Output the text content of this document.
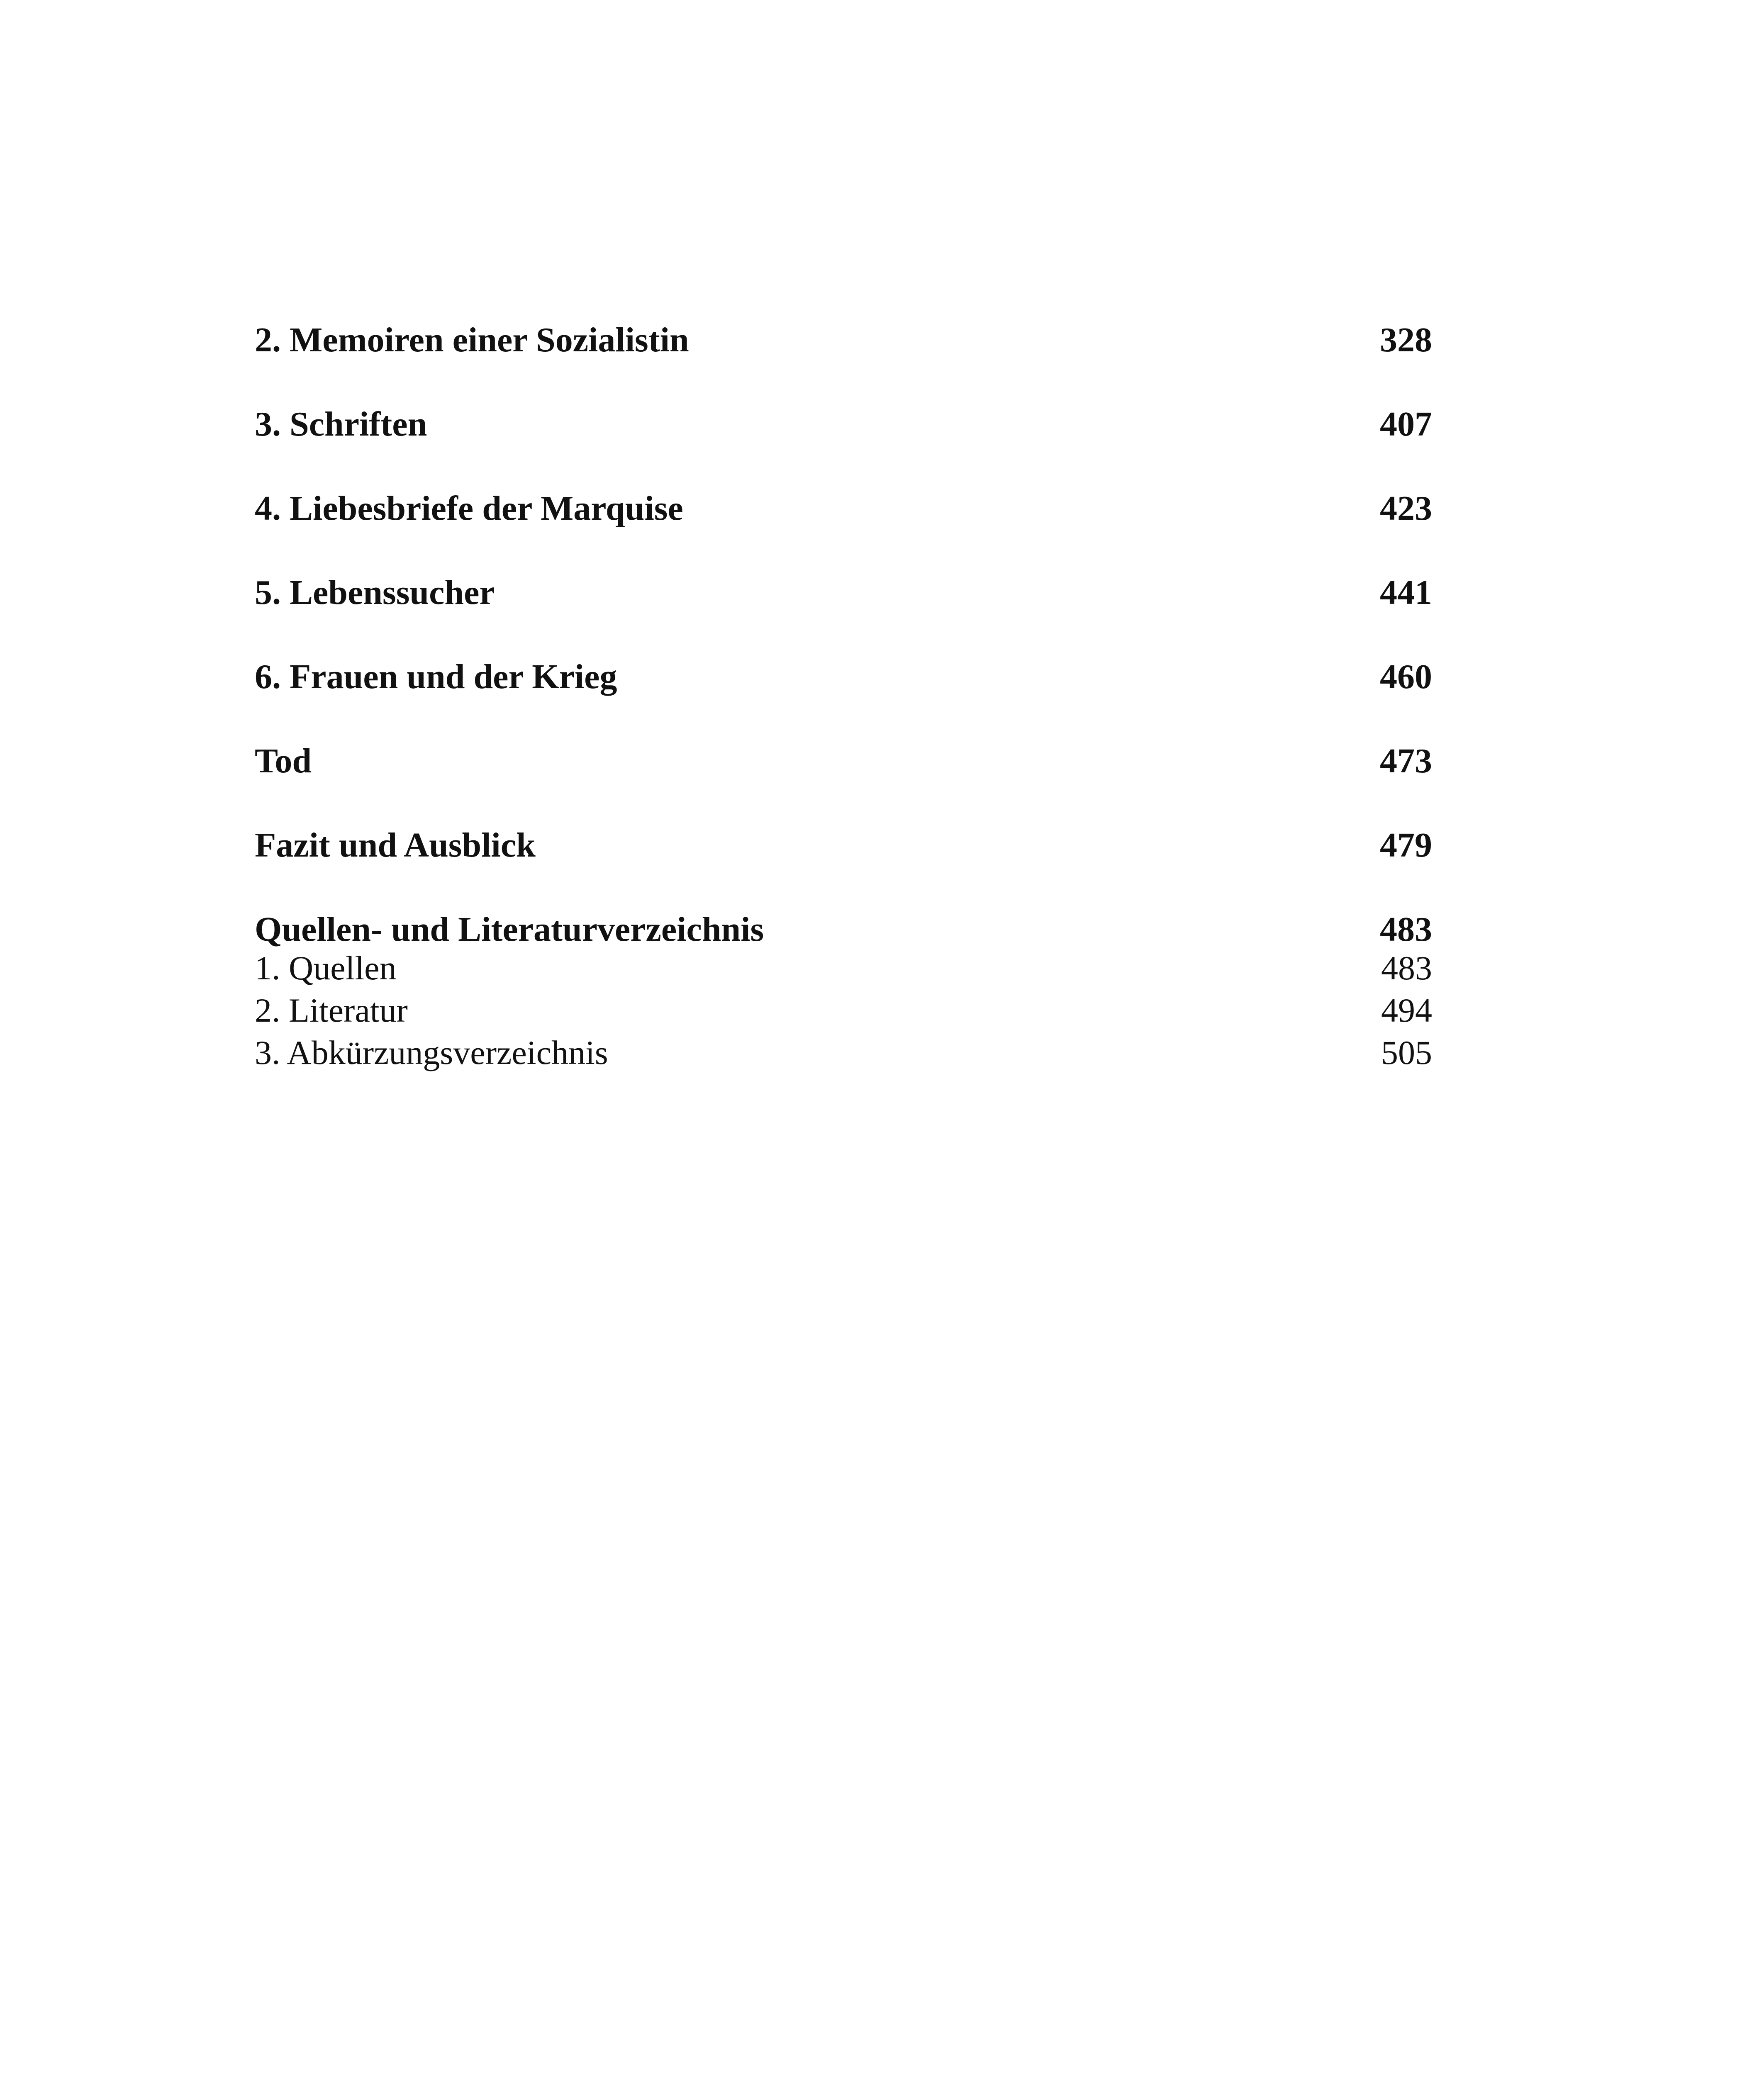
2. Memoiren einer Sozialistin	328
3. Schriften	407
4. Liebesbriefe der Marquise	423
5. Lebenssucher	441
6. Frauen und der Krieg	460
Tod	473
Fazit und Ausblick	479
Quellen- und Literaturverzeichnis	483
1. Quellen	483
2. Literatur	494
3. Abkürzungsverzeichnis	505
